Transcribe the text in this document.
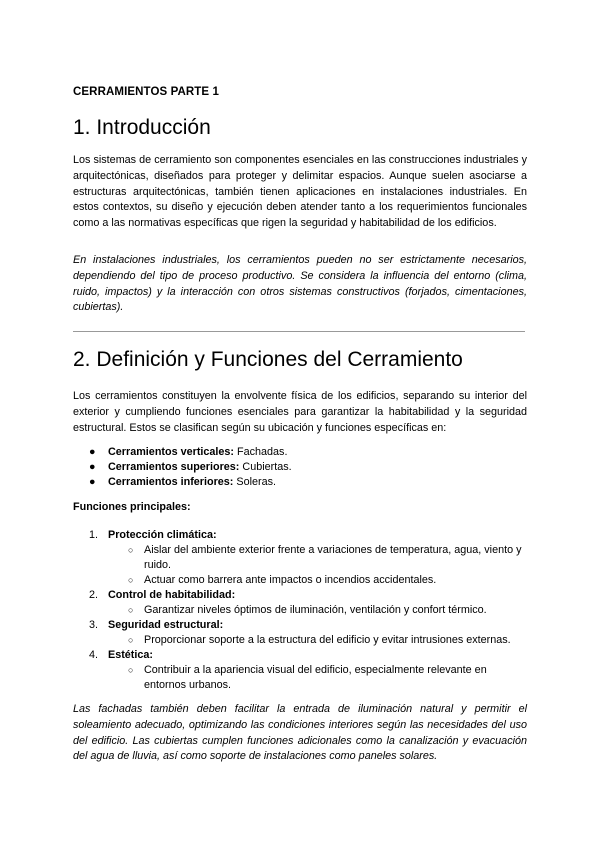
CERRAMIENTOS PARTE 1
1. Introducción

Los sistemas de cerramiento son componentes esenciales en las construcciones industriales y arquitectónicas, diseñados para proteger y delimitar espacios. Aunque suelen asociarse a estructuras arquitectónicas, también tienen aplicaciones en instalaciones industriales. En estos contextos, su diseño y ejecución deben atender tanto a los requerimientos funcionales como a las normativas específicas que rigen la seguridad y habitabilidad de los edificios.

En instalaciones industriales, los cerramientos pueden no ser estrictamente necesarios, dependiendo del tipo de proceso productivo. Se considera la influencia del entorno (clima, ruido, impactos) y la interacción con otros sistemas constructivos (forjados, cimentaciones, cubiertas).

2. Definición y Funciones del Cerramiento

Los cerramientos constituyen la envolvente física de los edificios, separando su interior del exterior y cumpliendo funciones esenciales para garantizar la habitabilidad y la seguridad estructural. Estos se clasifican según su ubicación y funciones específicas en:

● Cerramientos verticales: Fachadas.
● Cerramientos superiores: Cubiertas.
● Cerramientos inferiores: Soleras.
Funciones principales:
1. Protección climática:
○ Aislar del ambiente exterior frente a variaciones de temperatura, agua, viento y ruido.
○ Actuar como barrera ante impactos o incendios accidentales.
2. Control de habitabilidad:
○ Garantizar niveles óptimos de iluminación, ventilación y confort térmico.
3. Seguridad estructural:
○ Proporcionar soporte a la estructura del edificio y evitar intrusiones externas.
4. Estética:
○ Contribuir a la apariencia visual del edificio, especialmente relevante en entornos urbanos.

Las fachadas también deben facilitar la entrada de iluminación natural y permitir el soleamiento adecuado, optimizando las condiciones interiores según las necesidades del uso del edificio. Las cubiertas cumplen funciones adicionales como la canalización y evacuación del agua de lluvia, así como soporte de instalaciones como paneles solares.
